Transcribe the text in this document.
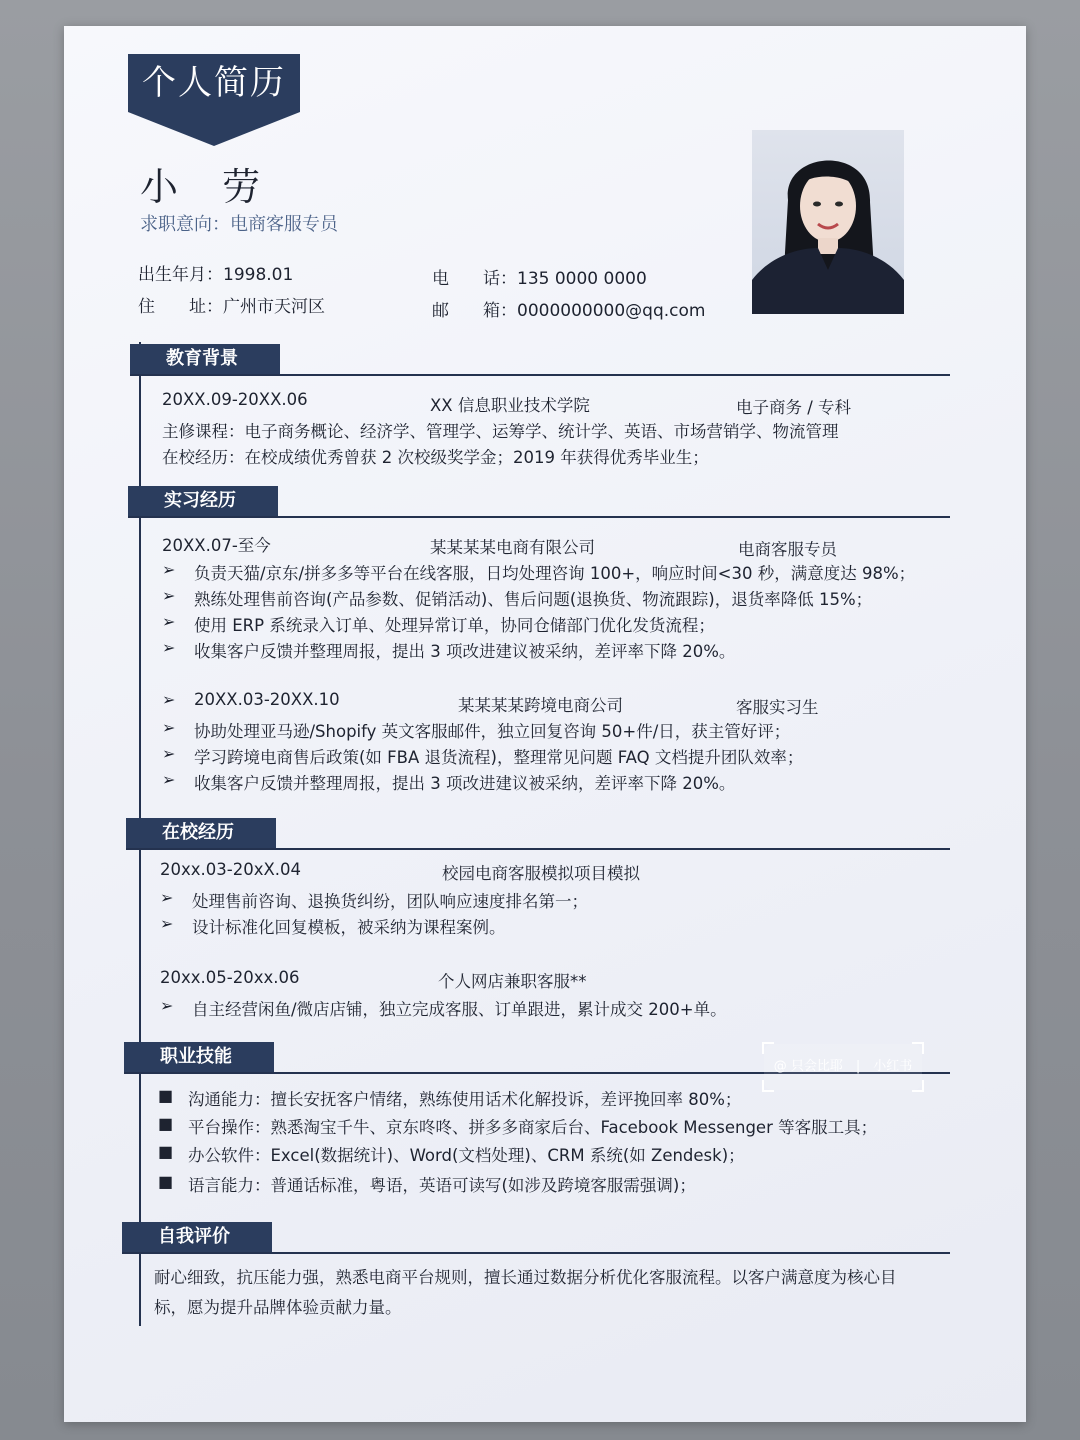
个人简历
小 劳
求职意向：电商客服专员
出生年月：1998.01
住　　址：广州市天河区
电　　话：135 0000 0000
邮　　箱：0000000000@qq.com
教育背景
20XX.09-20XX.06	XX 信息职业技术学院	电子商务 / 专科
主修课程：电子商务概论、经济学、管理学、运筹学、统计学、英语、市场营销学、物流管理
在校经历：在校成绩优秀曾获 2 次校级奖学金；2019 年获得优秀毕业生；
实习经历
20XX.07-至今	某某某某电商有限公司	电商客服专员
➢ 负责天猫/京东/拼多多等平台在线客服，日均处理咨询 100+，响应时间<30 秒，满意度达 98%；
➢ 熟练处理售前咨询(产品参数、促销活动)、售后问题(退换货、物流跟踪)，退货率降低 15%；
➢ 使用 ERP 系统录入订单、处理异常订单，协同仓储部门优化发货流程；
➢ 收集客户反馈并整理周报，提出 3 项改进建议被采纳，差评率下降 20%。
➢ 20XX.03-20XX.10	某某某某跨境电商公司	客服实习生
➢ 协助处理亚马逊/Shopify 英文客服邮件，独立回复咨询 50+件/日，获主管好评；
➢ 学习跨境电商售后政策(如 FBA 退货流程)，整理常见问题 FAQ 文档提升团队效率；
➢ 收集客户反馈并整理周报，提出 3 项改进建议被采纳，差评率下降 20%。
在校经历
20xx.03-20xX.04	校园电商客服模拟项目模拟
➢ 处理售前咨询、退换货纠纷，团队响应速度排名第一；
➢ 设计标准化回复模板，被采纳为课程案例。
20xx.05-20xx.06	个人网店兼职客服**
➢ 自主经营闲鱼/微店店铺，独立完成客服、订单跟进，累计成交 200+单。
职业技能
■ 沟通能力：擅长安抚客户情绪，熟练使用话术化解投诉，差评挽回率 80%；
■ 平台操作：熟悉淘宝千牛、京东咚咚、拼多多商家后台、Facebook Messenger 等客服工具；
■ 办公软件：Excel(数据统计)、Word(文档处理)、CRM 系统(如 Zendesk)；
■ 语言能力：普通话标准，粤语，英语可读写(如涉及跨境客服需强调)；
自我评价
耐心细致，抗压能力强，熟悉电商平台规则，擅长通过数据分析优化客服流程。以客户满意度为核心目
标，愿为提升品牌体验贡献力量。
@ 只会比耶　|　小红书
